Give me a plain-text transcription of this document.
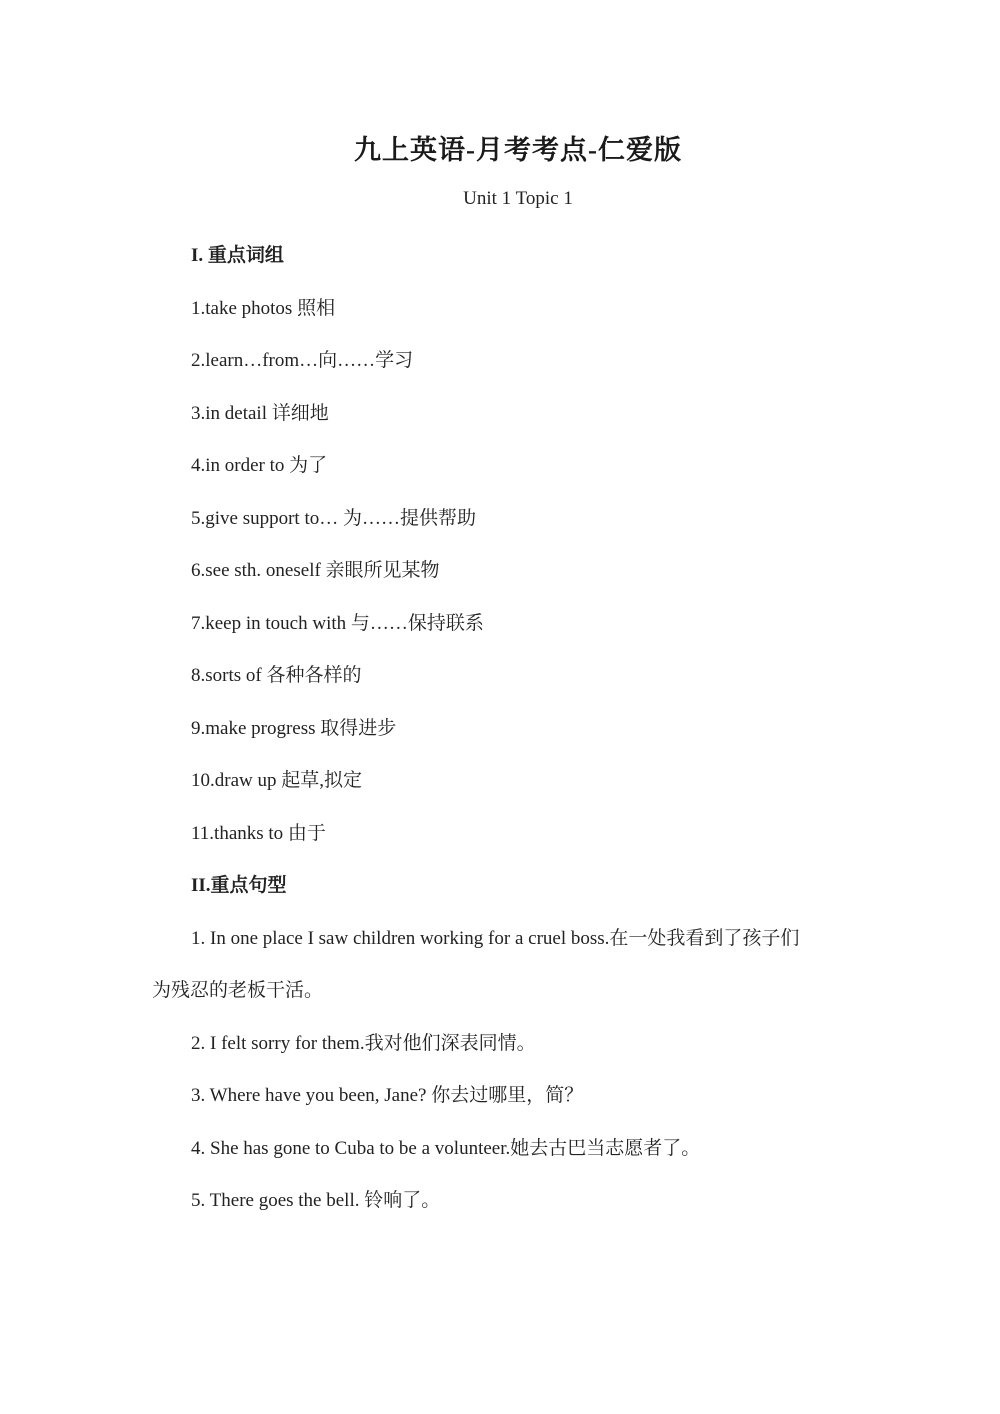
九上英语-月考考点-仁爱版
Unit 1 Topic 1
I. 重点词组
1.take photos 照相
2.learn…from…向……学习
3.in detail 详细地
4.in order to 为了
5.give support to… 为……提供帮助
6.see sth. oneself 亲眼所见某物
7.keep in touch with 与……保持联系
8.sorts of 各种各样的
9.make progress 取得进步
10.draw up 起草,拟定
11.thanks to 由于
II.重点句型
1. In one place I saw children working for a cruel boss.在一处我看到了孩子们
为残忍的老板干活。
2. I felt sorry for them.我对他们深表同情。
3. Where have you been, Jane? 你去过哪里，简？
4. She has gone to Cuba to be a volunteer.她去古巴当志愿者了。
5. There goes the bell. 铃响了。
